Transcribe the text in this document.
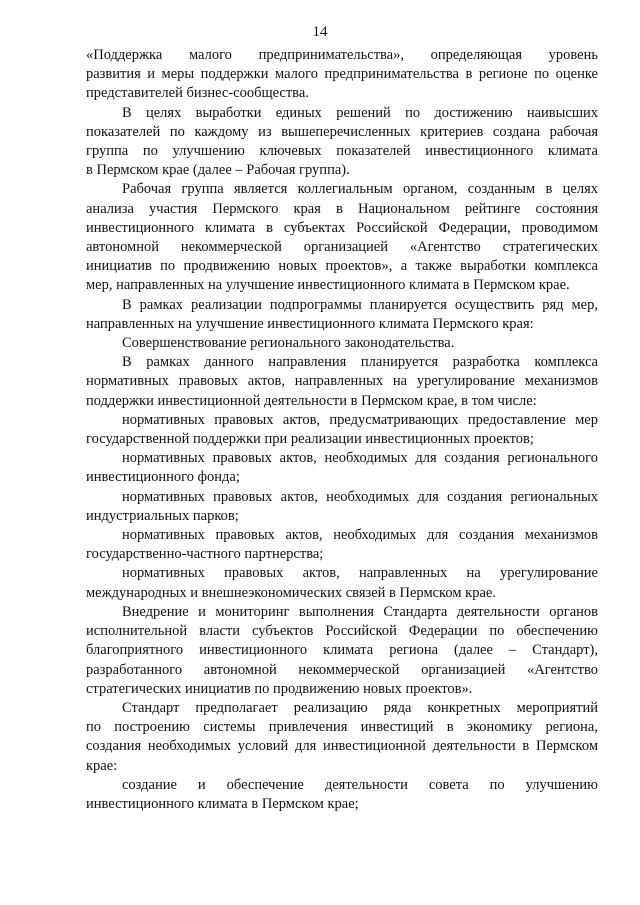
14
«Поддержка малого предпринимательства», определяющая уровень
развития и меры поддержки малого предпринимательства в регионе по оценке
представителей бизнес-сообщества.
В целях выработки единых решений по достижению наивысших
показателей по каждому из вышеперечисленных критериев создана рабочая
группа по улучшению ключевых показателей инвестиционного климата
в Пермском крае (далее – Рабочая группа).
Рабочая группа является коллегиальным органом, созданным в целях
анализа участия Пермского края в Национальном рейтинге состояния
инвестиционного климата в субъектах Российской Федерации, проводимом
автономной некоммерческой организацией «Агентство стратегических
инициатив по продвижению новых проектов», а также выработки комплекса
мер, направленных на улучшение инвестиционного климата в Пермском крае.
В рамках реализации подпрограммы планируется осуществить ряд мер,
направленных на улучшение инвестиционного климата Пермского края:
Совершенствование регионального законодательства.
В рамках данного направления планируется разработка комплекса
нормативных правовых актов, направленных на урегулирование механизмов
поддержки инвестиционной деятельности в Пермском крае, в том числе:
нормативных правовых актов, предусматривающих предоставление мер
государственной поддержки при реализации инвестиционных проектов;
нормативных правовых актов, необходимых для создания регионального
инвестиционного фонда;
нормативных правовых актов, необходимых для создания региональных
индустриальных парков;
нормативных правовых актов, необходимых для создания механизмов
государственно-частного партнерства;
нормативных правовых актов, направленных на урегулирование
международных и внешнеэкономических связей в Пермском крае.
Внедрение и мониторинг выполнения Стандарта деятельности органов
исполнительной власти субъектов Российской Федерации по обеспечению
благоприятного инвестиционного климата региона (далее – Стандарт),
разработанного автономной некоммерческой организацией «Агентство
стратегических инициатив по продвижению новых проектов».
Стандарт предполагает реализацию ряда конкретных мероприятий
по построению системы привлечения инвестиций в экономику региона,
создания необходимых условий для инвестиционной деятельности в Пермском
крае:
создание и обеспечение деятельности совета по улучшению
инвестиционного климата в Пермском крае;
